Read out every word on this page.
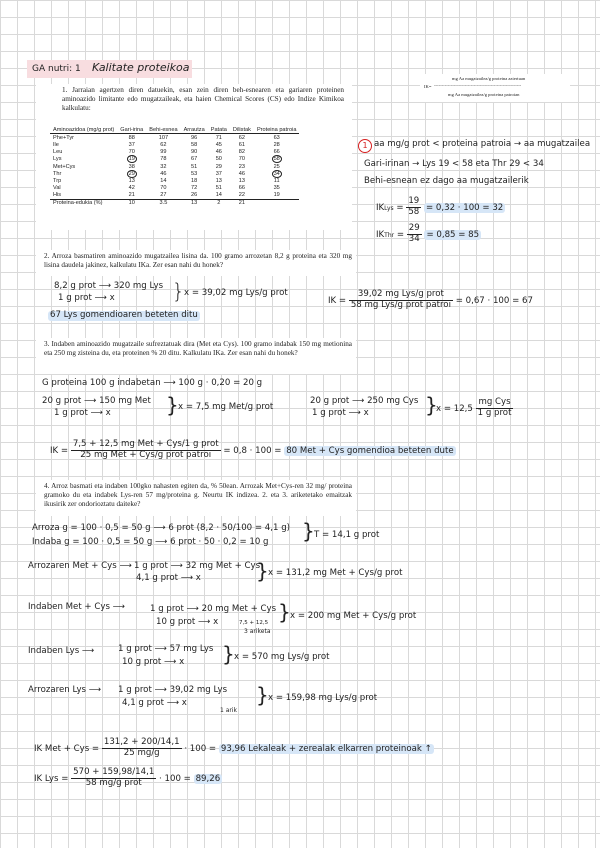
GA nutri: 1 Kalitate proteikoa
mg Aa mugatzailea/g proteina aztertuan
IK= ---------------------------------------------------------
mg Aa mugatzailea/g proteina patroian
1. Jarraian agertzen diren datuekin, esan zein diren beh-esnearen eta gariaren proteinen aminoazido limitante edo mugatzaileak, eta haien Chemical Scores (CS) edo Indize Kimikoa kalkulatu:
Aminoazidoa (mg/g prot)	Gari-irina	Behi-esnea	Arrautza	Patata	Dilistak	Proteina patroia
Phe+Tyr	88	107	96	71	62	63
Ile	37	62	58	45	61	28
Leu	70	99	90	46	82	66
Lys	19	78	67	50	70	58
Met+Cys	38	32	51	29	23	25
Thr	29	46	53	37	46	34
Trp	13	14	18	13	13	11
Val	42	70	72	51	66	35
His	21	27	26	14	22	19
Proteina-edukia (%)	10	3.5	13	2	21	
1 aa mg/g prot < proteina patroia → aa mugatzailea
Gari-irinan → Lys 19 < 58 eta Thr 29 < 34
Behi-esnean ez dago aa mugatzailerik
IKLys = $\frac{19}{58} = 0,32 \cdot 100 = 32$
IKThr = $\frac{29}{34} = 0,85 = 85$
2. Arroza basmatiren aminoazido mugatzailea lisina da. 100 gramo arrozetan 8,2 g proteina eta 320 mg lisina daudela jakinez, kalkulatu IKa. Zer esan nahi du honek?
8,2 g prot ⟶ 320 mg Lys
1 g prot ⟶ x	} x = 39,02 mg Lys/g prot
IK = $\frac{\text{39,02 mg Lys/g prot}}{\text{58 mg Lys/g prot patroi}} = 0,67 \cdot 100 = 67$
67 Lys gomendioaren beteten ditu
3. Indaben aminoazido mugatzaile sufreztatuak dira (Met eta Cys). 100 gramo indabak 150 mg metionina eta 250 mg zisteina du, eta proteinen % 20 ditu. Kalkulatu IKa. Zer esan nahi du honek?
G proteina 100 g indabetan ⟶ 100 g · 0,20 = 20 g
20 g prot ⟶ 150 mg Met
1 g prot ⟶ x	} x = 7,5 mg Met/g prot
20 g prot ⟶ 250 mg Cys
1 g prot ⟶ x	}
$x = 12,5 \frac{\text{mg Cys}}{\text{1 g prot}}$
IK = $\frac{\text{7,5 + 12,5 mg Met + Cys/1 g prot}}{\text{25 mg Met + Cys/g prot patroi}} = 0,8 \cdot 100 = 80$ Met + Cys gomendioa beteten dute
4. Arroz basmati eta indaben 100gko nahasten egiten da, % 50ean. Arrozak Met+Cys-ren 32 mg/ proteina gramoko du eta indabek Lys-ren 57 mg/proteina g. Neurtu IK indizea. 2. eta 3. ariketetako emaitzak ikusirik zer ondorioztatu daiteke?
Arroza g = 100 · 0,5 = 50 g ⟶ 6 prot (8,2 · 50/100 = 4,1 g)
Indaba g = 100 · 0,5 = 50 g ⟶ 6 prot · 50 · 0,2 = 10 g } T = 14,1 g prot
Arrozaren Met + Cys ⟶ 1 g prot ⟶ 32 mg Met + Cys
4,1 g prot ⟶ x	} x = 131,2 mg Met + Cys/g prot
Indaben Met + Cys ⟶	1 g prot ⟶ 20 mg Met + Cys
10 g prot ⟶ x	7,5 + 12,5
3 ariketa
} x = 200 mg Met + Cys/g prot
Indaben Lys ⟶	1 g prot ⟶ 57 mg Lys
10 g prot ⟶ x } x = 570 mg Lys/g prot
Arrozaren Lys ⟶ 1 g prot ⟶ 39,02 mg Lys
4,1 g prot ⟶ x
1 arik
} x = 159,98 mg Lys/g prot
IK Met + Cys = $\frac{131,2 + 200/14,1}{25 mg/g} \cdot 100 = 93,96$ Lekaleak + zerealak elkarren proteinoak ↑
IK Lys = $\frac{570 + 159,98/14,1}{\text{58 mg/g prot}} \cdot 100 = 89,26$
